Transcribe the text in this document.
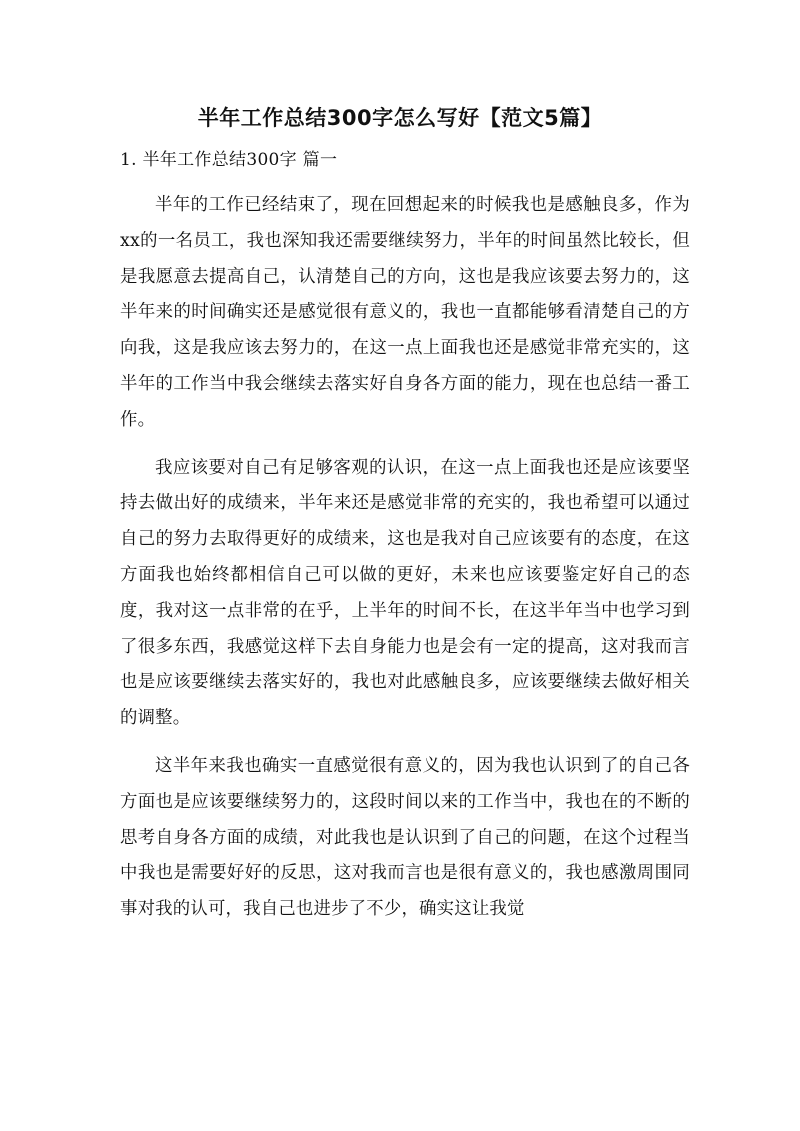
半年工作总结300字怎么写好【范文5篇】
1. 半年工作总结300字 篇一

半年的工作已经结束了，现在回想起来的时候我也是感触良多，作为xx的一名员工，我也深知我还需要继续努力，半年的时间虽然比较长，但是我愿意去提高自己，认清楚自己的方向，这也是我应该要去努力的，这半年来的时间确实还是感觉很有意义的，我也一直都能够看清楚自己的方向我，这是我应该去努力的，在这一点上面我也还是感觉非常充实的，这半年的工作当中我会继续去落实好自身各方面的能力，现在也总结一番工作。

我应该要对自己有足够客观的认识，在这一点上面我也还是应该要坚持去做出好的成绩来，半年来还是感觉非常的充实的，我也希望可以通过自己的努力去取得更好的成绩来，这也是我对自己应该要有的态度，在这方面我也始终都相信自己可以做的更好，未来也应该要鉴定好自己的态度，我对这一点非常的在乎，上半年的时间不长，在这半年当中也学习到了很多东西，我感觉这样下去自身能力也是会有一定的提高，这对我而言也是应该要继续去落实好的，我也对此感触良多，应该要继续去做好相关的调整。

这半年来我也确实一直感觉很有意义的，因为我也认识到了的自己各方面也是应该要继续努力的，这段时间以来的工作当中，我也在的不断的思考自身各方面的成绩，对此我也是认识到了自己的问题，在这个过程当中我也是需要好好的反思，这对我而言也是很有意义的，我也感激周围同事对我的认可，我自己也进步了不少，确实这让我觉
